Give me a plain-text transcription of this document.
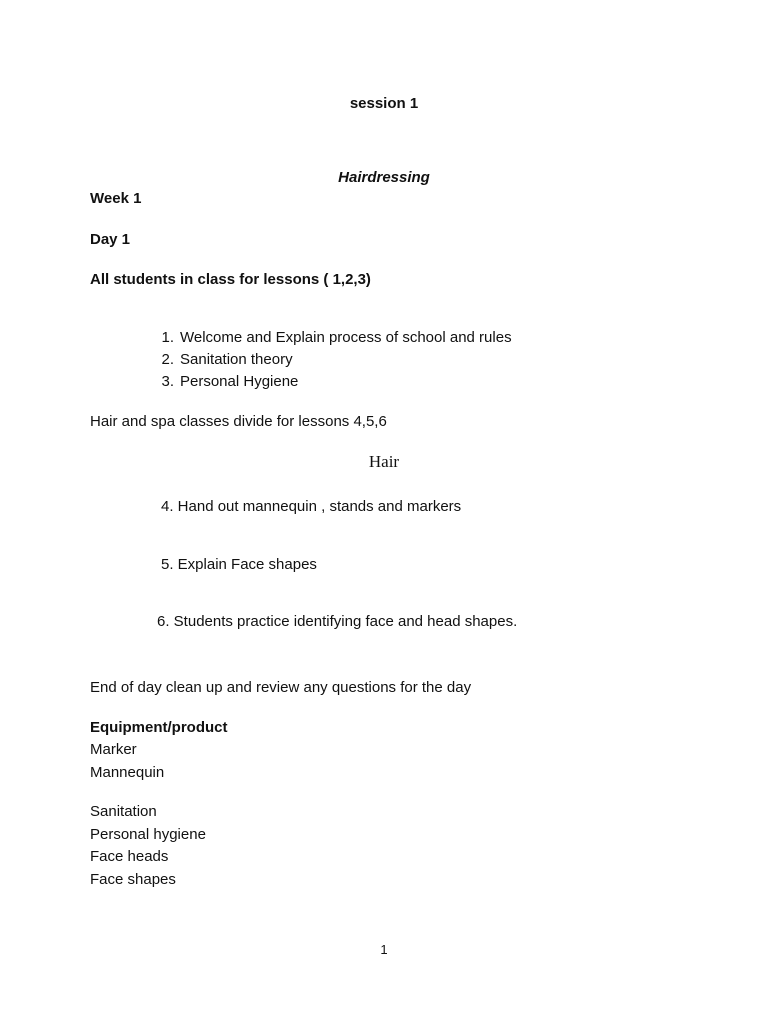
session 1
Hairdressing
Week 1
Day 1
All students in class for lessons ( 1,2,3)
1. Welcome and Explain process of school and rules
2. Sanitation theory
3. Personal Hygiene
Hair and spa classes divide for lessons 4,5,6
Hair
4. Hand out mannequin , stands and markers
5. Explain Face shapes
6. Students practice identifying face and head shapes.
End of day clean up and review any questions for the day
Equipment/product
Marker
Mannequin
Sanitation
Personal hygiene
Face heads
Face shapes
1
